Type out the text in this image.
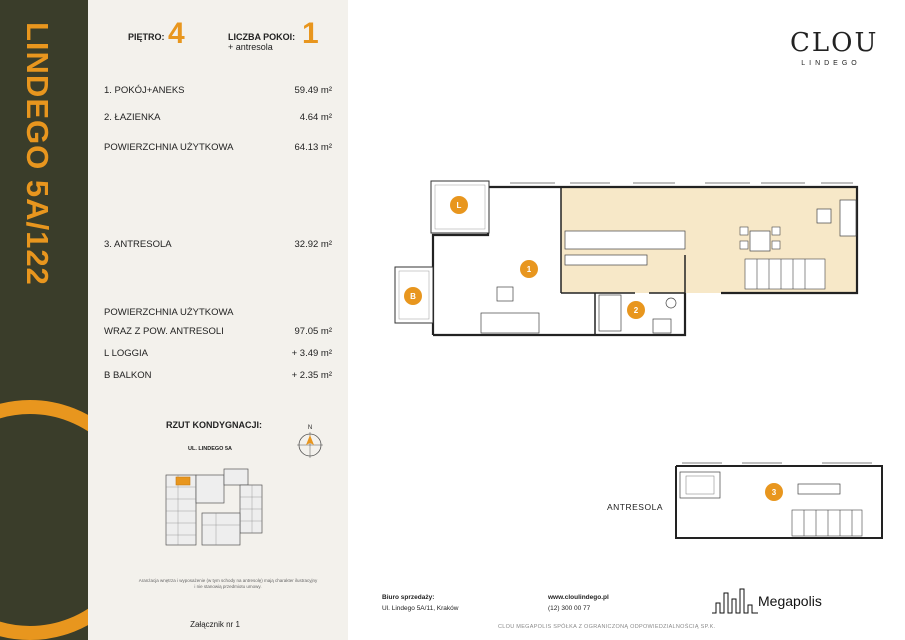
LINDEGO 5A/122	PIĘTRO: 4	LICZBA POKOI:
+ antresola 1
1. POKÓJ+ANEKS	59.49 m²
2. ŁAZIENKA	4.64 m²
POWIERZCHNIA UŻYTKOWA	64.13 m²
3. ANTRESOLA	32.92 m²
POWIERZCHNIA UŻYTKOWA
WRAZ Z POW. ANTRESOLI	97.05 m²
L LOGGIA	+ 3.49 m²
B BALKON	+ 2.35 m²
RZUT KONDYGNACJI:
UL. LINDEGO 5A
N
Aranżacja wnętrza i wyposażenie (w tym schody na antresolę) mają charakter ilustracyjny
i nie stanowią przedmiotu umowy.
Załącznik nr 1
CLOU
LINDEGO
L
B
1
2
3
ANTRESOLA
Biuro sprzedaży:
Ul. Lindego 5A/11, Kraków
www.cloulindego.pl
(12) 300 00 77	Megapolis
CLOU MEGAPOLIS SPÓŁKA Z OGRANICZONĄ ODPOWIEDZIALNOŚCIĄ SP.K.
